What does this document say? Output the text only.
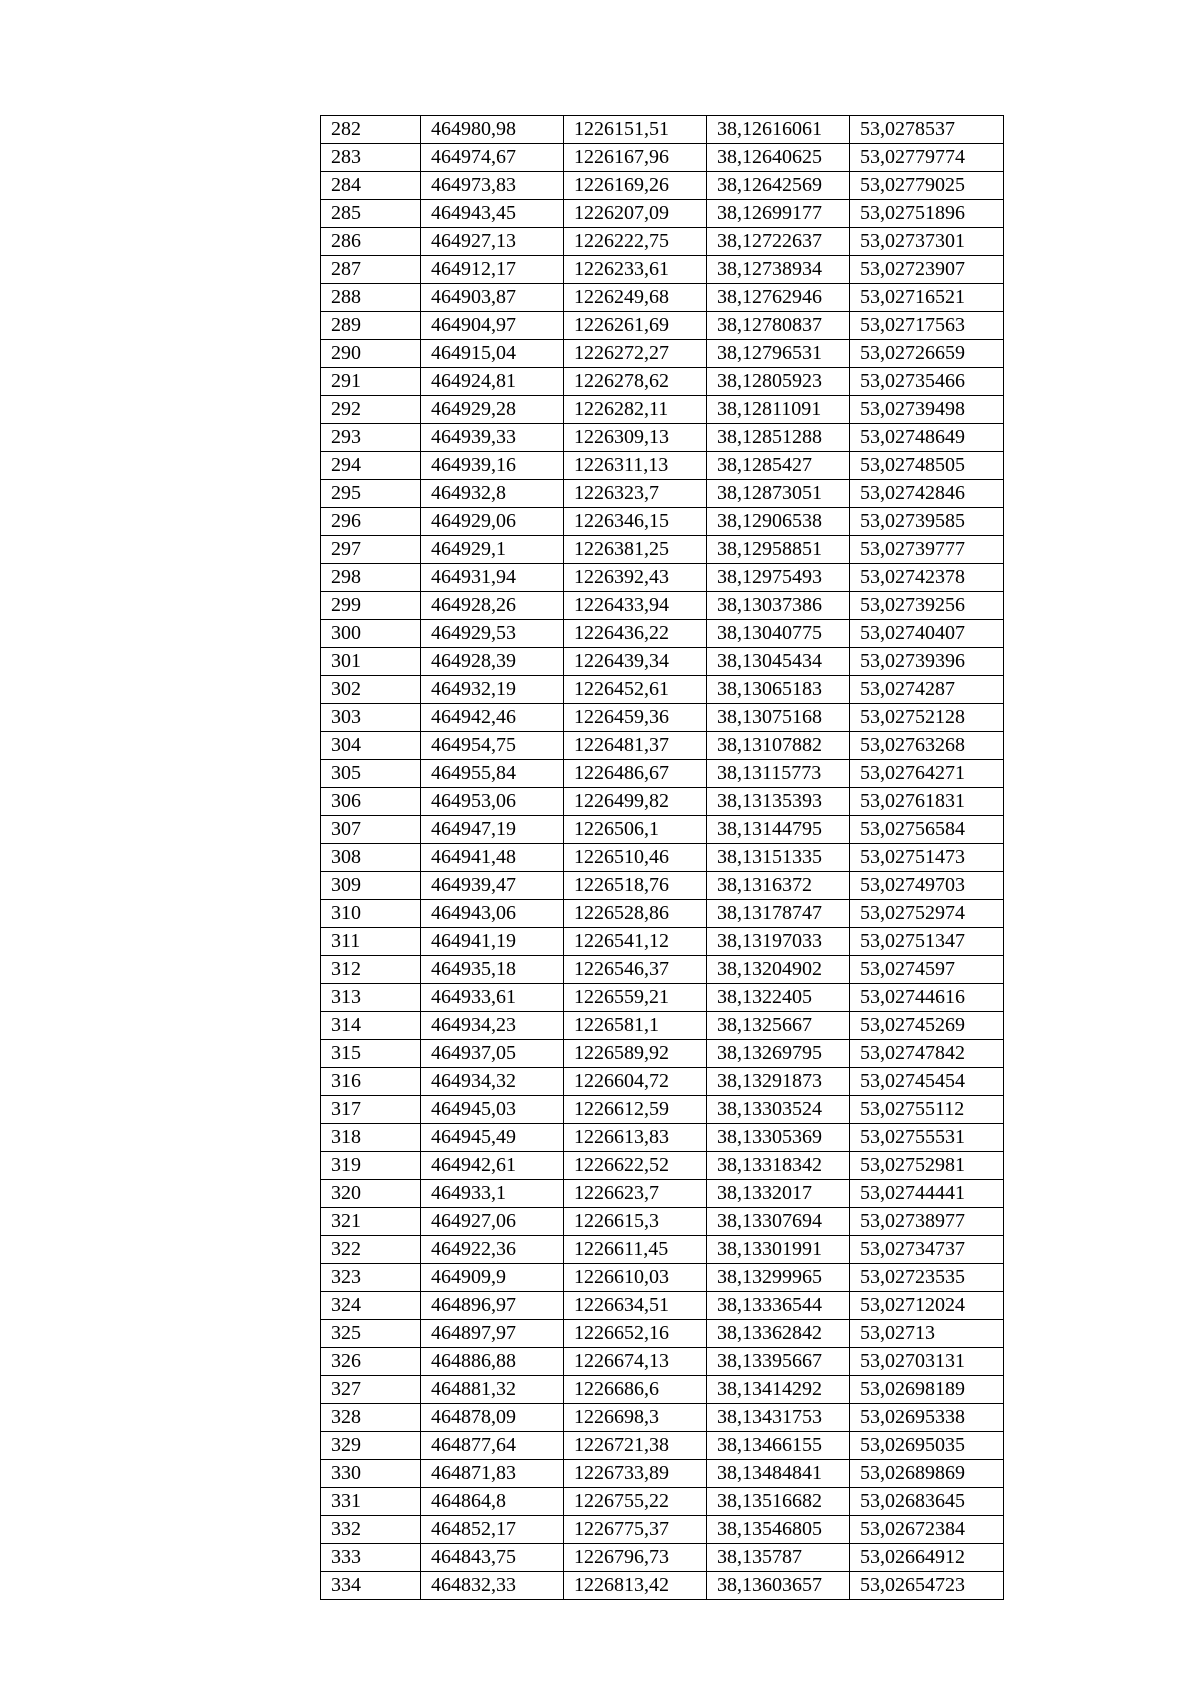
282	464980,98	1226151,51	38,12616061	53,0278537
283	464974,67	1226167,96	38,12640625	53,02779774
284	464973,83	1226169,26	38,12642569	53,02779025
285	464943,45	1226207,09	38,12699177	53,02751896
286	464927,13	1226222,75	38,12722637	53,02737301
287	464912,17	1226233,61	38,12738934	53,02723907
288	464903,87	1226249,68	38,12762946	53,02716521
289	464904,97	1226261,69	38,12780837	53,02717563
290	464915,04	1226272,27	38,12796531	53,02726659
291	464924,81	1226278,62	38,12805923	53,02735466
292	464929,28	1226282,11	38,12811091	53,02739498
293	464939,33	1226309,13	38,12851288	53,02748649
294	464939,16	1226311,13	38,1285427	53,02748505
295	464932,8	1226323,7	38,12873051	53,02742846
296	464929,06	1226346,15	38,12906538	53,02739585
297	464929,1	1226381,25	38,12958851	53,02739777
298	464931,94	1226392,43	38,12975493	53,02742378
299	464928,26	1226433,94	38,13037386	53,02739256
300	464929,53	1226436,22	38,13040775	53,02740407
301	464928,39	1226439,34	38,13045434	53,02739396
302	464932,19	1226452,61	38,13065183	53,0274287
303	464942,46	1226459,36	38,13075168	53,02752128
304	464954,75	1226481,37	38,13107882	53,02763268
305	464955,84	1226486,67	38,13115773	53,02764271
306	464953,06	1226499,82	38,13135393	53,02761831
307	464947,19	1226506,1	38,13144795	53,02756584
308	464941,48	1226510,46	38,13151335	53,02751473
309	464939,47	1226518,76	38,1316372	53,02749703
310	464943,06	1226528,86	38,13178747	53,02752974
311	464941,19	1226541,12	38,13197033	53,02751347
312	464935,18	1226546,37	38,13204902	53,0274597
313	464933,61	1226559,21	38,1322405	53,02744616
314	464934,23	1226581,1	38,1325667	53,02745269
315	464937,05	1226589,92	38,13269795	53,02747842
316	464934,32	1226604,72	38,13291873	53,02745454
317	464945,03	1226612,59	38,13303524	53,02755112
318	464945,49	1226613,83	38,13305369	53,02755531
319	464942,61	1226622,52	38,13318342	53,02752981
320	464933,1	1226623,7	38,1332017	53,02744441
321	464927,06	1226615,3	38,13307694	53,02738977
322	464922,36	1226611,45	38,13301991	53,02734737
323	464909,9	1226610,03	38,13299965	53,02723535
324	464896,97	1226634,51	38,13336544	53,02712024
325	464897,97	1226652,16	38,13362842	53,02713
326	464886,88	1226674,13	38,13395667	53,02703131
327	464881,32	1226686,6	38,13414292	53,02698189
328	464878,09	1226698,3	38,13431753	53,02695338
329	464877,64	1226721,38	38,13466155	53,02695035
330	464871,83	1226733,89	38,13484841	53,02689869
331	464864,8	1226755,22	38,13516682	53,02683645
332	464852,17	1226775,37	38,13546805	53,02672384
333	464843,75	1226796,73	38,135787	53,02664912
334	464832,33	1226813,42	38,13603657	53,02654723
